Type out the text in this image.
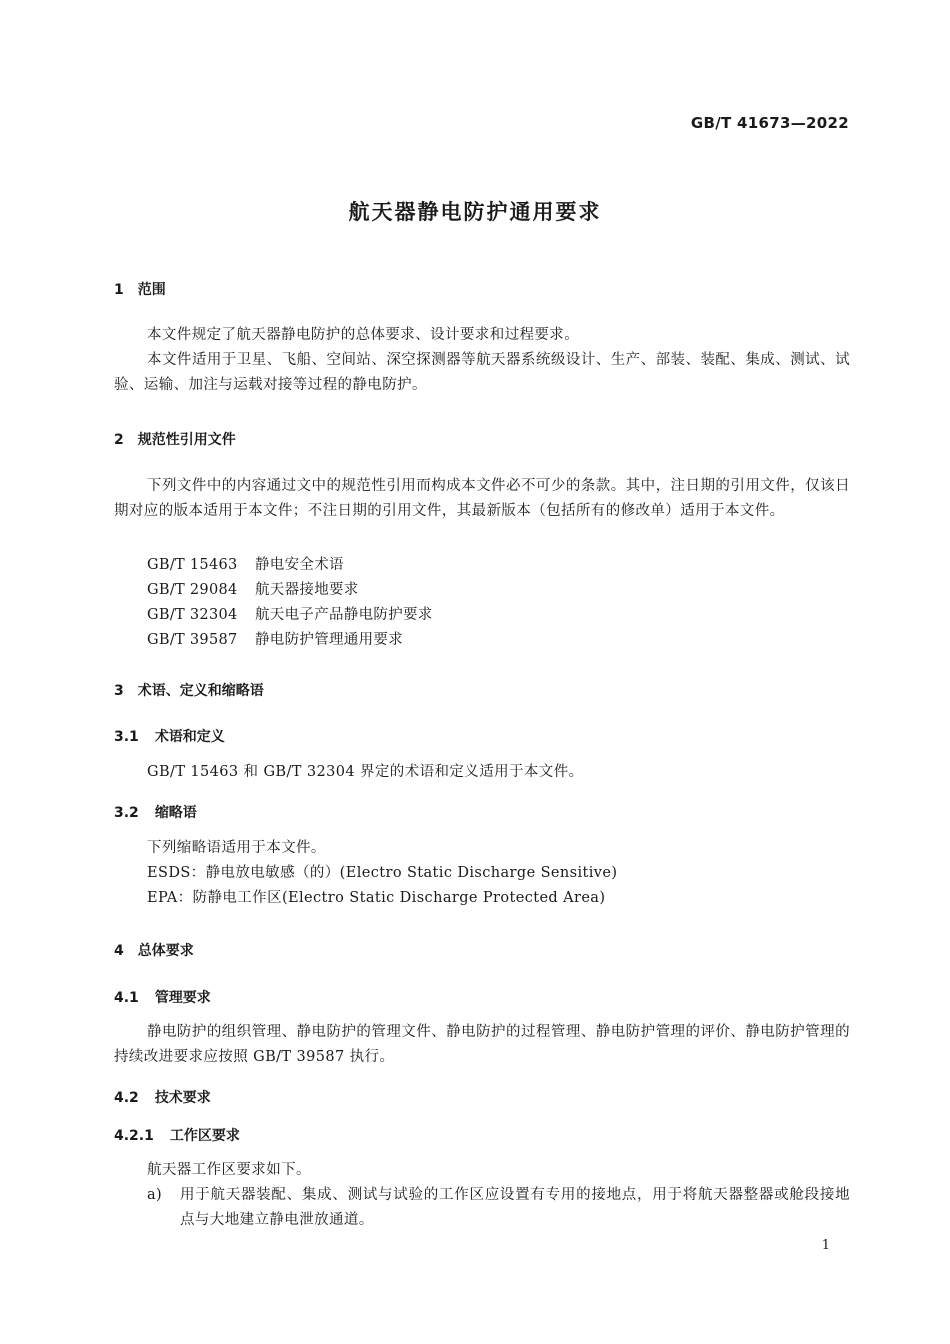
GB/T 41673—2022
航天器静电防护通用要求
1 范围
本文件规定了航天器静电防护的总体要求、设计要求和过程要求。
本文件适用于卫星、飞船、空间站、深空探测器等航天器系统级设计、生产、部装、装配、集成、测试、试验、运输、加注与运载对接等过程的静电防护。
2 规范性引用文件
下列文件中的内容通过文中的规范性引用而构成本文件必不可少的条款。其中，注日期的引用文件，仅该日期对应的版本适用于本文件；不注日期的引用文件，其最新版本（包括所有的修改单）适用于本文件。
GB/T 15463 静电安全术语
GB/T 29084 航天器接地要求
GB/T 32304 航天电子产品静电防护要求
GB/T 39587 静电防护管理通用要求
3 术语、定义和缩略语
3.1 术语和定义
GB/T 15463 和 GB/T 32304 界定的术语和定义适用于本文件。
3.2 缩略语
下列缩略语适用于本文件。
ESDS：静电放电敏感（的）(Electro Static Discharge Sensitive)
EPA：防静电工作区(Electro Static Discharge Protected Area)
4 总体要求
4.1 管理要求
静电防护的组织管理、静电防护的管理文件、静电防护的过程管理、静电防护管理的评价、静电防护管理的持续改进要求应按照 GB/T 39587 执行。
4.2 技术要求
4.2.1 工作区要求
航天器工作区要求如下。
a) 用于航天器装配、集成、测试与试验的工作区应设置有专用的接地点，用于将航天器整器或舱段接地点与大地建立静电泄放通道。
1
